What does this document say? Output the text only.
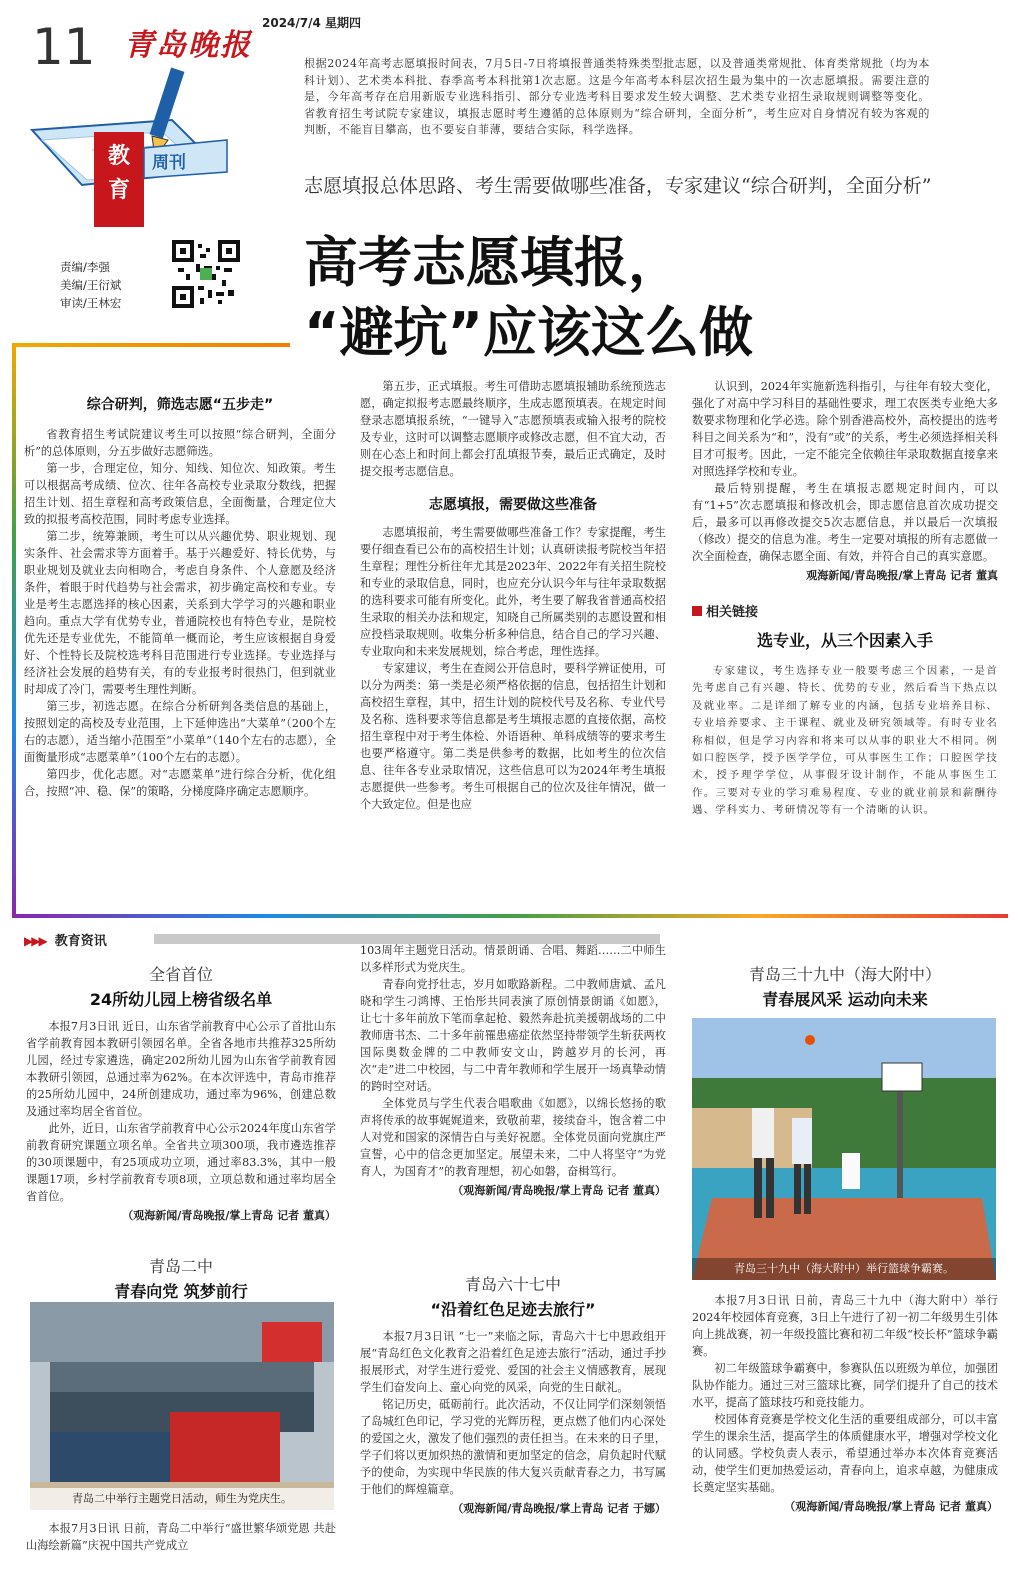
11 青岛晚报
2024/7/4 星期四
教
育
周刊
责编/李强
美编/王衍斌
审读/王林宏
根据2024年高考志愿填报时间表，7月5日-7日将填报普通类特殊类型批志愿，以及普通类常规批、体育类常规批（均为本科计划）、艺术类本科批、春季高考本科批第1次志愿。这是今年高考本科层次招生最为集中的一次志愿填报。需要注意的是，今年高考存在启用新版专业选科指引、部分专业选考科目要求发生较大调整、艺术类专业招生录取规则调整等变化。省教育招生考试院专家建议，填报志愿时考生遵循的总体原则为“综合研判，全面分析”，考生应对自身情况有较为客观的判断，不能盲目攀高，也不要妄自菲薄，要结合实际，科学选择。
志愿填报总体思路、考生需要做哪些准备，专家建议“综合研判，全面分析”
高考志愿填报，
“避坑”应该这么做
综合研判，筛选志愿“五步走”

省教育招生考试院建议考生可以按照“综合研判，全面分析”的总体原则，分五步做好志愿筛选。

第一步，合理定位，知分、知线、知位次、知政策。考生可以根据高考成绩、位次、往年各高校专业录取分数线，把握招生计划、招生章程和高考政策信息，全面衡量，合理定位大致的拟报考高校范围，同时考虑专业选择。

第二步，统筹兼顾，考生可以从兴趣优势、职业规划、现实条件、社会需求等方面着手。基于兴趣爱好、特长优势，与职业规划及就业去向相吻合，考虑自身条件、个人意愿及经济条件，着眼于时代趋势与社会需求，初步确定高校和专业。专业是考生志愿选择的核心因素，关系到大学学习的兴趣和职业趋向。重点大学有优势专业，普通院校也有特色专业，是院校优先还是专业优先，不能简单一概而论，考生应该根据自身爱好、个性特长及院校选考科目范围进行专业选择。专业选择与经济社会发展的趋势有关，有的专业报考时很热门，但到就业时却成了冷门，需要考生理性判断。

第三步，初选志愿。在综合分析研判各类信息的基础上，按照划定的高校及专业范围，上下延伸选出“大菜单”（200个左右的志愿），适当缩小范围至“小菜单”（140个左右的志愿），全面衡量形成“志愿菜单”（100个左右的志愿）。

第四步，优化志愿。对“志愿菜单”进行综合分析，优化组合，按照“冲、稳、保”的策略，分梯度降序确定志愿顺序。

第五步，正式填报。考生可借助志愿填报辅助系统预选志愿，确定拟报考志愿最终顺序，生成志愿预填表。在规定时间登录志愿填报系统，“一键导入”志愿预填表或输入报考的院校及专业，这时可以调整志愿顺序或修改志愿，但不宜大动，否则在心态上和时间上都会打乱填报节奏，最后正式确定，及时提交报考志愿信息。

志愿填报，需要做这些准备

志愿填报前，考生需要做哪些准备工作？专家提醒，考生要仔细查看已公布的高校招生计划；认真研读报考院校当年招生章程；理性分析往年尤其是2023年、2022年有关招生院校和专业的录取信息，同时，也应充分认识今年与往年录取数据的选科要求可能有所变化。此外，考生要了解我省普通高校招生录取的相关办法和规定，知晓自己所属类别的志愿设置和相应投档录取规则。收集分析多种信息，结合自己的学习兴趣、专业取向和未来发展规划，综合考虑，理性选择。

专家建议，考生在查阅公开信息时，要科学辨证使用，可以分为两类：第一类是必须严格依据的信息，包括招生计划和高校招生章程，其中，招生计划的院校代号及名称、专业代号及名称、选科要求等信息都是考生填报志愿的直接依据，高校招生章程中对于考生体检、外语语种、单科成绩等的要求考生也要严格遵守。第二类是供参考的数据，比如考生的位次信息、往年各专业录取情况，这些信息可以为2024年考生填报志愿提供一些参考。考生可根据自己的位次及往年情况，做一个大致定位。但是也应

认识到，2024年实施新选科指引，与往年有较大变化，强化了对高中学习科目的基础性要求，理工农医类专业绝大多数要求物理和化学必选。除个别香港高校外，高校提出的选考科目之间关系为“和”，没有“或”的关系，考生必须选择相关科目才可报考。因此，一定不能完全依赖往年录取数据直接拿来对照选择学校和专业。

最后特别提醒，考生在填报志愿规定时间内，可以有“1+5”次志愿填报和修改机会，即志愿信息首次成功提交后，最多可以再修改提交5次志愿信息，并以最后一次填报（修改）提交的信息为准。考生一定要对填报的所有志愿做一次全面检查，确保志愿全面、有效，并符合自己的真实意愿。

观海新闻/青岛晚报/掌上青岛 记者 董真
相关链接
选专业，从三个因素入手
专家建议，考生选择专业一般要考虑三个因素，一是首先考虑自己有兴趣、特长、优势的专业，然后看当下热点以及就业率。二是详细了解专业的内涵，包括专业培养目标、专业培养要求、主干课程、就业及研究领域等。有时专业名称相似，但是学习内容和将来可以从事的职业大不相同。例如口腔医学，授予医学学位，可从事医生工作；口腔医学技术，授予理学学位，从事假牙设计制作，不能从事医生工作。三要对专业的学习难易程度、专业的就业前景和薪酬待遇、学科实力、考研情况等有一个清晰的认识。
▶▶▶ 教育资讯
全省首位
24所幼儿园上榜省级名单

本报7月3日讯 近日，山东省学前教育中心公示了首批山东省学前教育园本教研引领园名单。全省各地市共推荐325所幼儿园，经过专家遴选，确定202所幼儿园为山东省学前教育园本教研引领园，总通过率为62%。在本次评选中，青岛市推荐的25所幼儿园中，24所创建成功，通过率为96%，创建总数及通过率均居全省首位。

此外，近日，山东省学前教育中心公示2024年度山东省学前教育研究课题立项名单。全省共立项300项，我市遴选推荐的30项课题中，有25项成功立项，通过率83.3%，其中一般课题17项，乡村学前教育专项8项，立项总数和通过率均居全省首位。

（观海新闻/青岛晚报/掌上青岛 记者 董真）
青岛二中
青春向党 筑梦前行
青岛二中举行主题党日活动，师生为党庆生。

本报7月3日讯 日前，青岛二中举行“盛世繁华颂党恩 共赴山海绘新篇”庆祝中国共产党成立

103周年主题党日活动。情景朗诵、合唱、舞蹈……二中师生以多样形式为党庆生。

青春向党抒壮志，岁月如歌路新程。二中教师唐斌、孟凡晓和学生刁鸿博、王怡彤共同表演了原创情景朗诵《如愿》，让七十多年前放下笔而拿起枪、毅然奔赴抗美援朝战场的二中教师唐书杰、二十多年前罹患癌症依然坚持带领学生斩获两枚国际奥数金牌的二中教师安文山，跨越岁月的长河，再次“走”进二中校园，与二中青年教师和学生展开一场真挚动情的跨时空对话。

全体党员与学生代表合唱歌曲《如愿》，以绵长悠扬的歌声将传承的故事娓娓道来，致敬前辈，接续奋斗，饱含着二中人对党和国家的深情告白与美好祝愿。全体党员面向党旗庄严宣誓，心中的信念更加坚定。展望未来，二中人将坚守“为党育人，为国育才”的教育理想，初心如磐，奋楫笃行。

（观海新闻/青岛晚报/掌上青岛 记者 董真）
青岛六十七中
“沿着红色足迹去旅行”

本报7月3日讯 “七一”来临之际，青岛六十七中思政组开展“青岛红色文化教育之沿着红色足迹去旅行”活动，通过手抄报展形式，对学生进行爱党、爱国的社会主义情感教育，展现学生们奋发向上、童心向党的风采，向党的生日献礼。

铭记历史，砥砺前行。此次活动，不仅让同学们深刻领悟了岛城红色印记，学习党的光辉历程，更点燃了他们内心深处的爱国之火，激发了他们强烈的责任担当。在未来的日子里，学子们将以更加炽热的激情和更加坚定的信念，肩负起时代赋予的使命，为实现中华民族的伟大复兴贡献青春之力，书写属于他们的辉煌篇章。

（观海新闻/青岛晚报/掌上青岛 记者 于娜）
青岛三十九中（海大附中）
青春展风采 运动向未来
青岛三十九中（海大附中）举行篮球争霸赛。

本报7月3日讯 日前，青岛三十九中（海大附中）举行2024年校园体育竞赛，3日上午进行了初一初二年级男生引体向上挑战赛，初一年级投篮比赛和初二年级“校长杯”篮球争霸赛。

初二年级篮球争霸赛中，参赛队伍以班级为单位，加强团队协作能力。通过三对三篮球比赛，同学们提升了自己的技术水平，提高了篮球技巧和竞技能力。

校园体育竞赛是学校文化生活的重要组成部分，可以丰富学生的课余生活，提高学生的体质健康水平，增强对学校文化的认同感。学校负责人表示，希望通过举办本次体育竞赛活动，使学生们更加热爱运动，青春向上，追求卓越，为健康成长奠定坚实基础。

（观海新闻/青岛晚报/掌上青岛 记者 董真）
